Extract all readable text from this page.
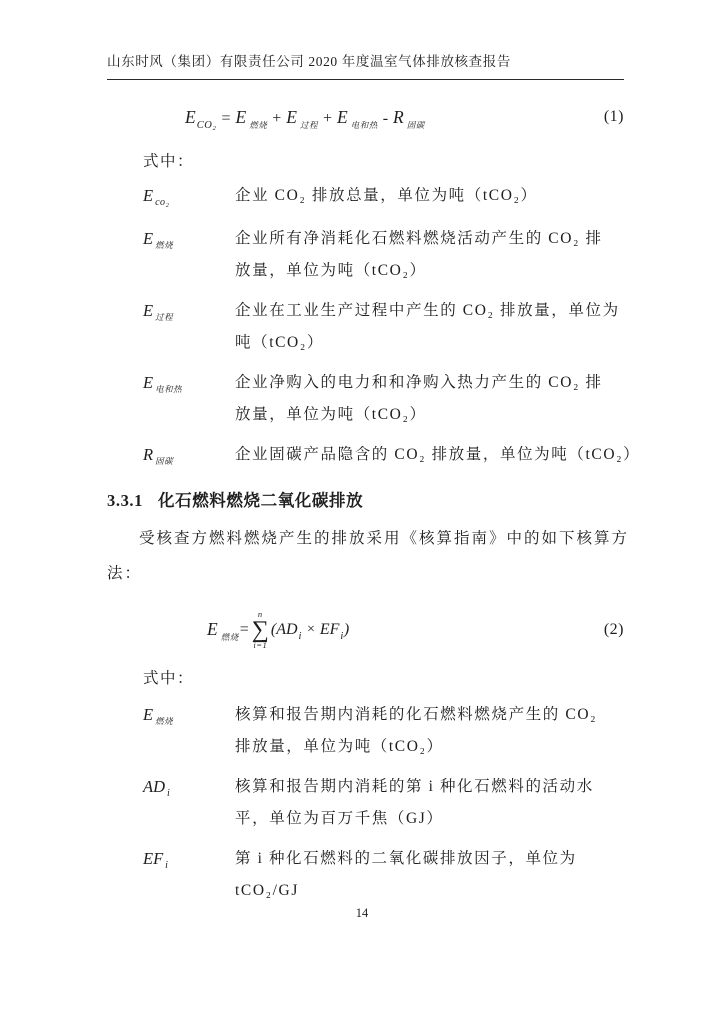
山东时风（集团）有限责任公司 2020 年度温室气体排放核查报告
$E_{CO_2} = E$ $_{燃烧}$ + E $_{过程}$ + E $_{电和热}$ - R $_{固碳}$	(1)
式中：
E $_{co_2}$	企业 CO₂ 排放总量，单位为吨（tCO₂）
E $_{燃烧}$	企业所有净消耗化石燃料燃烧活动产生的 CO₂ 排
放量，单位为吨（tCO₂）
E $_{过程}$	企业在工业生产过程中产生的 CO₂ 排放量，单位为
吨（tCO₂）
E $_{电和热}$	企业净购入的电力和和净购入热力产生的 CO₂ 排
放量，单位为吨（tCO₂）
R $_{固碳}$	企业固碳产品隐含的 CO₂ 排放量，单位为吨（tCO₂）
3.3.1 化石燃料燃烧二氧化碳排放
受核查方燃料燃烧产生的排放采用《核算指南》中的如下核算方
法：
E $_{燃烧}$ =
n
∑
i=1
( $AD_i \times EF_i$ )	(2)
式中：
E $_{燃烧}$	核算和报告期内消耗的化石燃料燃烧产生的 CO₂
排放量，单位为吨（tCO₂）
AD $_i$	核算和报告期内消耗的第 i 种化石燃料的活动水
平，单位为百万千焦（GJ）
EF $_i$	第 i 种化石燃料的二氧化碳排放因子，单位为
tCO₂/GJ
14
